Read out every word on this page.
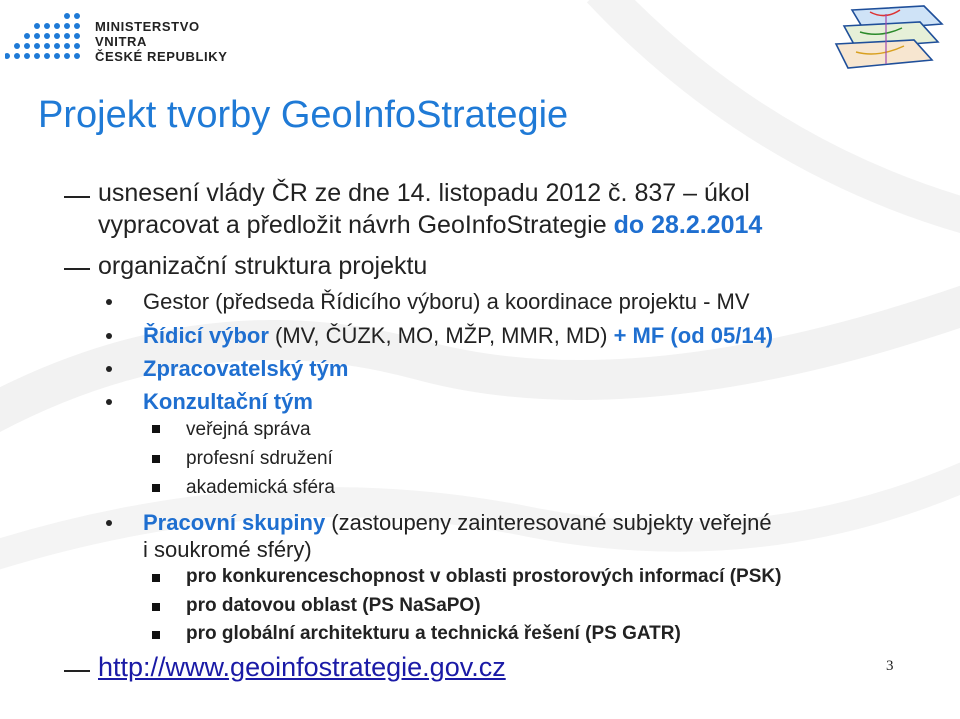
MINISTERSTVO VNITRA
ČESKÉ REPUBLIKY
Projekt tvorby GeoInfoStrategie
usnesení vlády ČR ze dne 14. listopadu 2012 č. 837 – úkol
vypracovat a předložit návrh GeoInfoStrategie do 28.2.2014
organizační struktura projektu
Gestor (předseda Řídicího výboru) a koordinace projektu - MV
Řídicí výbor (MV, ČÚZK, MO, MŽP, MMR, MD) + MF (od 05/14)
Zpracovatelský tým
Konzultační tým
veřejná správa
profesní sdružení
akademická sféra
Pracovní skupiny (zastoupeny zainteresované subjekty veřejné
i soukromé sféry)
pro konkurenceschopnost v oblasti prostorových informací (PSK)
pro datovou oblast (PS NaSaPO)
pro globální architekturu a technická řešení (PS GATR)
http://www.geoinfostrategie.gov.cz	3
